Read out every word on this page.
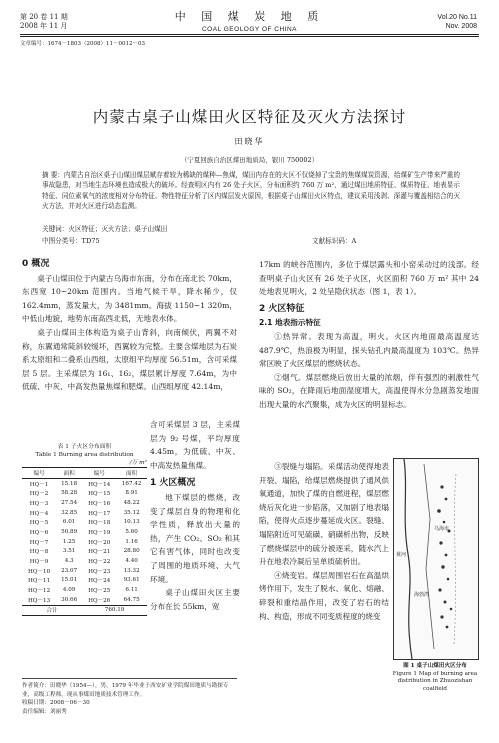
第 20 卷 11 期
2008 年 11 月
中 国 煤 炭 地 质
COAL GEOLOGY OF CHINA
Vol.20 No.11
Nov. 2008
文章编号：1674－1803（2008）11－0012－03
内蒙古桌子山煤田火区特征及灭火方法探讨
田晓华
（宁夏回族自治区煤田地质局，银川 750002）
摘 要：内蒙古自治区桌子山煤田煤层赋存着较为稀缺的煤种—焦煤，煤田内存在的火区不仅烧掉了宝贵的焦煤煤炭资源，给煤矿生产带来严重的事故隐患，对当地生态环境也造成极大的破坏。经查明区内有 26 处子火区，分布面积约 760 万 m²，通过煤田地质特征、煤质特征、地表显示特征、同位素氧气的浓度相对分布特征、物性特征分析了区内煤层发火原因，根据桌子山煤田火区特点，建议采用浅剥、深灌与覆盖相结合的灭火方法，并对火区进行动态监测。
关键词：火区特征；灭火方法；桌子山煤田
中图分类号：TD75	文献标识码：A
0 概况
桌子山煤田位于内蒙古乌海市东南，分布在南北长 70km，东西宽 10~20km 范围内。当地气候干旱，降水稀少，仅 162.4mm，蒸发量大，为 3481mm。海拔 1150~1 320m，中低山地貌，地势东南高西北低，无地表水体。
桌子山煤田主体构造为桌子山背斜，向南倾伏，两翼不对称，东翼通常陡斜较缓坏，西翼较为完整。主要含煤地层为石炭系太原组和二叠系山西组，太原组平均厚度 56.51m，含可采煤层 5 层。主采煤层为 16₁、16₂，煤层累计厚度 7.64m，为中低硫、中灰、中高发热量焦煤和肥煤。山西组厚度 42.14m，
表 1 子火区分布面积
Table 1 Burning area distribution
/万 m²
编号	面积	编号	面积
HQ－1	15.18	HQ－14	167.42
HQ－2	58.28	HQ－15	8.91
HQ－3	27.54	HQ－16	48.22
HQ－4	32.85	HQ－17	35.12
HQ－5	6.01	HQ－18	10.13
HQ－6	50.89	HQ－19	5.60
HQ－7	1.25	HQ－20	1.16
HQ－8	3.51	HQ－21	28.80
HQ－9	4.3	HQ－22	4.40
HQ－10	23.07	HQ－23	13.32
HQ－11	15.01	HQ－24	93.61
HQ－12	4.09	HQ－25	6.11
HQ－13	30.66	HQ－26	64.75
合计		760.19	
含可采煤层 3 层，主采煤层为 9₂ 号煤，平均厚度 4.45m，为低硫、中灰、中高发热量焦煤。
1 火区概况
地下煤层的燃烧，改变了煤层自身的物理和化学性质，释放出大量的热，产生 CO₂、SO₂ 和其它有害气体，同时也改变了周围的地质环境、大气环境。
桌子山煤田火区主要分布在长 55km，宽
作者简介：田晓华（1954—），男，1979 年毕业于西安矿业学院煤田地质与勘探专业，高级工程师，现从事煤田地质技术管理工作。
收稿日期：2008－06－30
责任编辑：刘丽秀
17km 的峡谷范围内，多位于煤层露头和小窑采动过的浅部。经查明桌子山火区有 26 处子火区，火区面积 760 万 m² 其中 24 处地表见明火，2 处呈隐伏状态（图 1，表 1）。
2 火区特征
2.1 地表指示特征
①热异常。表现为高温，明火。火区内地面最高温度达 487.9℃，热浪极为明显，探头钻孔内最高温度为 103℃。热异常区映了火区煤层的燃烧状态。
②烟气。煤层燃烧后放出大量的浓烟，伴有强烈的刺激性气味的 SO₂，在降雨后地面湿度增大，高温使得水分急剧蒸发地面出现大量的水汽聚集，成为火区的明显标志。
③裂缝与塌陷。采煤活动使得地表开裂、塌陷，给煤层燃烧提供了通风供氧通道，加快了煤的自燃进程，煤层燃烧后灰化进一步陷落，又加剧了地表塌陷，使得火点逐步蔓延成火区。裂缝、塌陷附近可见硫磺、硝磺析出物，反映了燃烧煤层中的硫分被逐采，随水汽上升在地表冷凝后呈单质硫析出。
④烧变岩。煤层周围岩石在高温烘烤作用下，发生了脱水、氧化、熔融、碎裂和重结晶作用，改变了岩石的结构、构造，形成不同变质程度的烧变
乌海市
黄河
海勃湾
图 1 桌子山煤田火区分布
Figure 1 Map of burning area distribution in Zhuozishan coalfield
